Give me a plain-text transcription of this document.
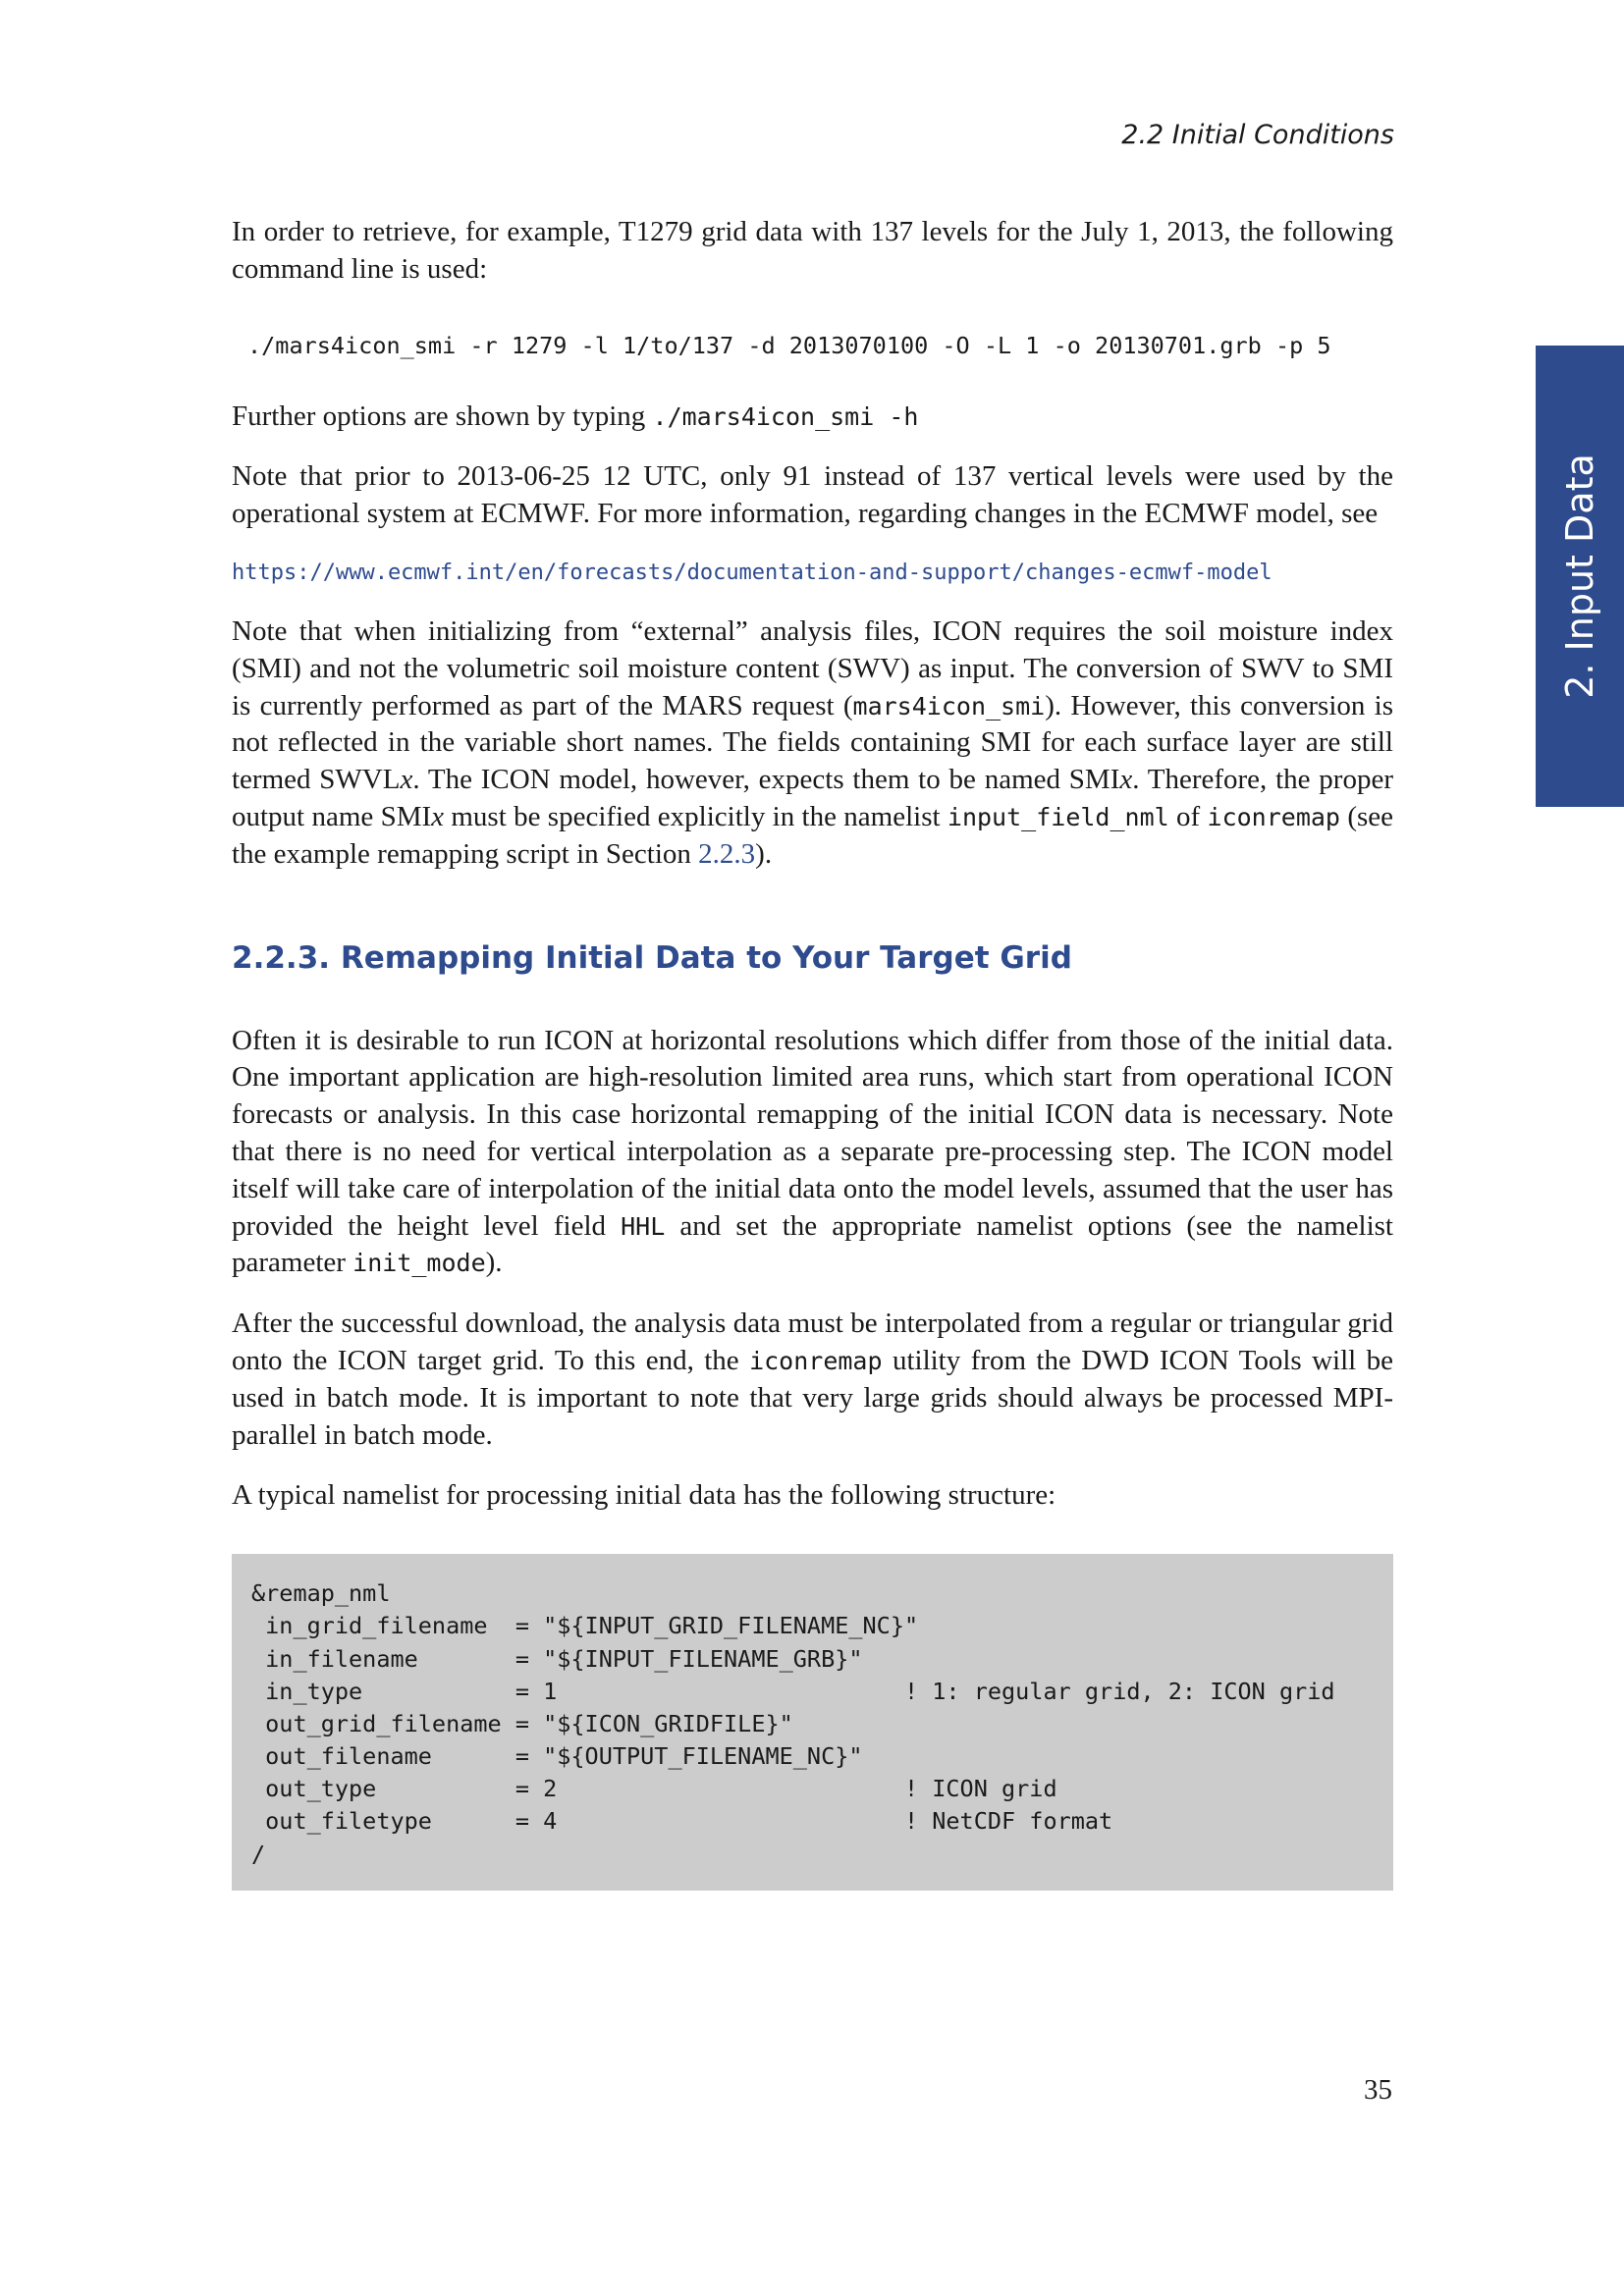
2.2 Initial Conditions
2. Input Data

In order to retrieve, for example, T1279 grid data with 137 levels for the July 1, 2013, the following command line is used:

./mars4icon_smi -r 1279 -l 1/to/137 -d 2013070100 -O -L 1 -o 20130701.grb -p 5

Further options are shown by typing ./mars4icon_smi -h

Note that prior to 2013-06-25 12 UTC, only 91 instead of 137 vertical levels were used by the operational system at ECMWF. For more information, regarding changes in the ECMWF model, see

https://www.ecmwf.int/en/forecasts/documentation-and-support/changes-ecmwf-model

Note that when initializing from “external” analysis files, ICON requires the soil moisture index (SMI) and not the volumetric soil moisture content (SWV) as input. The conversion of SWV to SMI is currently performed as part of the MARS request (mars4icon_smi). However, this conversion is not reflected in the variable short names. The fields containing SMI for each surface layer are still termed SWVLx. The ICON model, however, expects them to be named SMIx. Therefore, the proper output name SMIx must be specified explicitly in the namelist input_field_nml of iconremap (see the example remapping script in Section 2.2.3).

2.2.3. Remapping Initial Data to Your Target Grid

Often it is desirable to run ICON at horizontal resolutions which differ from those of the initial data. One important application are high-resolution limited area runs, which start from operational ICON forecasts or analysis. In this case horizontal remapping of the initial ICON data is necessary. Note that there is no need for vertical interpolation as a separate pre-processing step. The ICON model itself will take care of interpolation of the initial data onto the model levels, assumed that the user has provided the height level field HHL and set the appropriate namelist options (see the namelist parameter init_mode).

After the successful download, the analysis data must be interpolated from a regular or triangular grid onto the ICON target grid. To this end, the iconremap utility from the DWD ICON Tools will be used in batch mode. It is important to note that very large grids should always be processed MPI-parallel in batch mode.

A typical namelist for processing initial data has the following structure:

&remap_nml
in_grid_filename  = "${INPUT_GRID_FILENAME_NC}"
in_filename       = "${INPUT_FILENAME_GRB}"
in_type           = 1                         ! 1: regular grid, 2: ICON grid
out_grid_filename = "${ICON_GRIDFILE}"
out_filename      = "${OUTPUT_FILENAME_NC}"
out_type          = 2                         ! ICON grid
out_filetype      = 4                         ! NetCDF format
/
35
